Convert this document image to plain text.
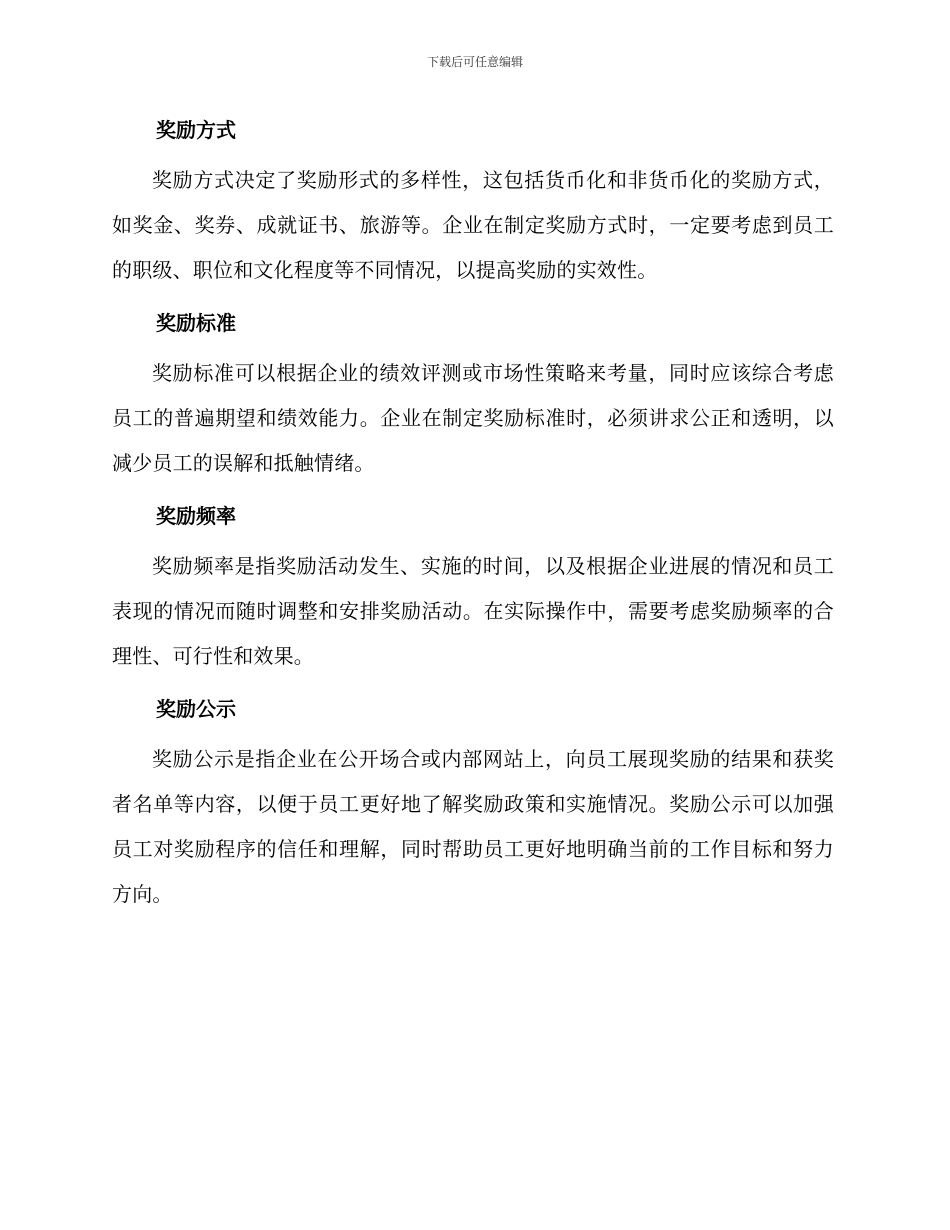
下载后可任意编辑
奖励方式

奖励方式决定了奖励形式的多样性，这包括货币化和非货币化的奖励方式，如奖金、奖券、成就证书、旅游等。企业在制定奖励方式时，一定要考虑到员工的职级、职位和文化程度等不同情况，以提高奖励的实效性。

奖励标准

奖励标准可以根据企业的绩效评测或市场性策略来考量，同时应该综合考虑员工的普遍期望和绩效能力。企业在制定奖励标准时，必须讲求公正和透明，以减少员工的误解和抵触情绪。

奖励频率

奖励频率是指奖励活动发生、实施的时间，以及根据企业进展的情况和员工表现的情况而随时调整和安排奖励活动。在实际操作中，需要考虑奖励频率的合理性、可行性和效果。

奖励公示

奖励公示是指企业在公开场合或内部网站上，向员工展现奖励的结果和获奖者名单等内容，以便于员工更好地了解奖励政策和实施情况。奖励公示可以加强员工对奖励程序的信任和理解，同时帮助员工更好地明确当前的工作目标和努力方向。
